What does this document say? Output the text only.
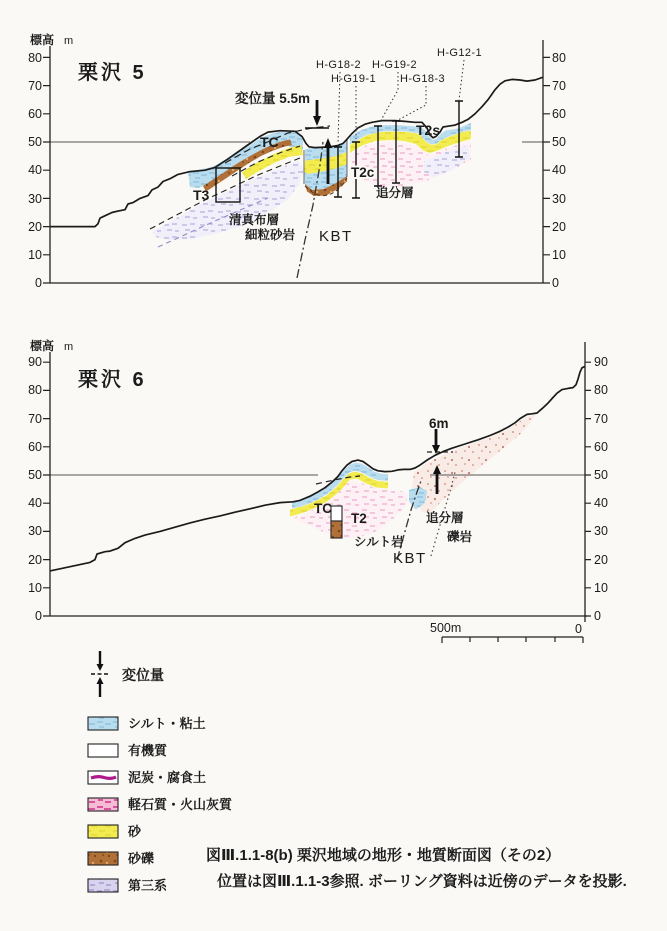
標高 m
栗沢 5
80
70
60
50
40
30
20
10
0
80
70
60
50
40
30
20
10
0
H-G18-2 H-G19-2
H-G19-1 H-G18-3
H-G12-1
変位量 5.5m
TC
T3
T2s
T2c
追分層
清真布層
細粒砂岩 KBT
500m	0
標高 m
栗沢 6
90
80
70
60
50
40
30
20
10
0
90
80
70
60
50
40
30
20
10
0
6m
TC
T2
シルト岩
追分層
礫岩
KBT
変位量
シルト・粘土
有機質
泥炭・腐食土
軽石質・火山灰質
砂
砂礫
第三系
図Ⅲ.1.1-8(b) 栗沢地域の地形・地質断面図（その2）
位置は図Ⅲ.1.1-3参照. ボーリング資料は近傍のデータを投影.
